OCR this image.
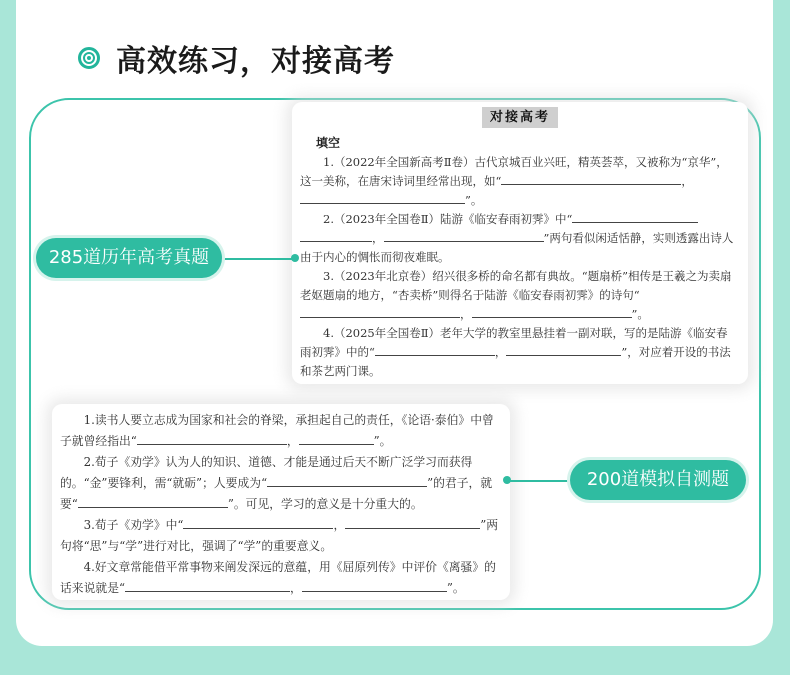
高效练习，对接高考
对接高考
填空

1.（2022年全国新高考Ⅱ卷）古代京城百业兴旺，精英荟萃，又被称为“京华”，这一美称，在唐宋诗词里经常出现，如“	，”。

2.（2023年全国卷Ⅱ）陆游《临安春雨初霁》中“，	”两句看似闲适恬静，实则透露出诗人由于内心的惆怅而彻夜难眠。

3.（2023年北京卷）绍兴很多桥的命名都有典故。“题扇桥”相传是王羲之为卖扇老妪题扇的地方，“杏卖桥”则得名于陆游《临安春雨初霁》的诗句“，	”。

4.（2025年全国卷Ⅱ）老年大学的教室里悬挂着一副对联，写的是陆游《临安春雨初霁》中的“	，	”，对应着开设的书法和茶艺两门课。

1.读书人要立志成为国家和社会的脊梁，承担起自己的责任，《论语·泰伯》中曾子就曾经指出“	，	”。

2.荀子《劝学》认为人的知识、道德、才能是通过后天不断广泛学习而获得的。“金”要锋利，需“就砺”；人要成为“	”的君子，就要“	”。可见，学习的意义是十分重大的。

3.荀子《劝学》中“	，	”两句将“思”与“学”进行对比，强调了“学”的重要意义。

4.好文章常能借平常事物来阐发深远的意蕴，用《屈原列传》中评价《离骚》的话来说就是“	，	”。

285道历年高考真题
200道模拟自测题
